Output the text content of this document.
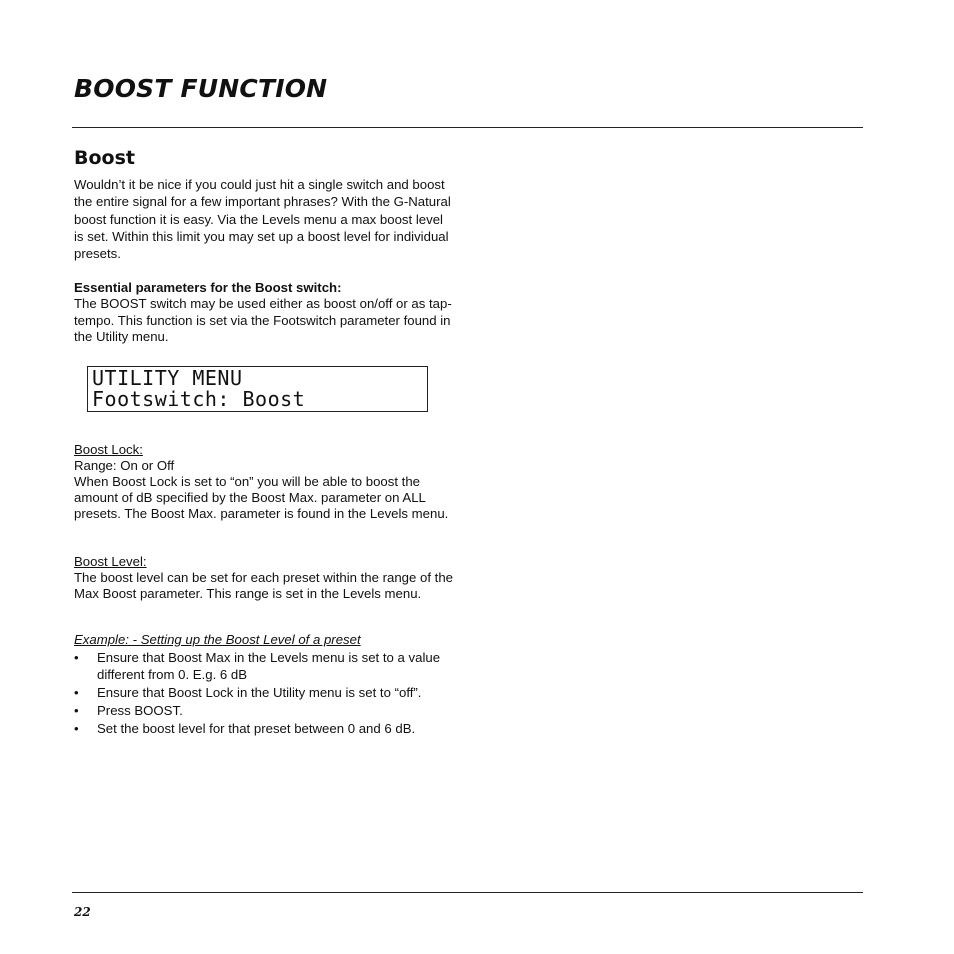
BOOST FUNCTION
Boost

Wouldn’t it be nice if you could just hit a single switch and boost the entire signal for a few important phrases? With the G-Natural boost function it is easy. Via the Levels menu a max boost level is set. Within this limit you may set up a boost level for individual presets.

Essential parameters for the Boost switch:
The BOOST switch may be used either as boost on/off or as tap-tempo. This function is set via the Footswitch parameter found in the Utility menu.

UTILITY MENU
Footswitch: Boost
Boost Lock:
Range: On or Off
When Boost Lock is set to “on” you will be able to boost the amount of dB specified by the Boost Max. parameter on ALL presets. The Boost Max. parameter is found in the Levels menu.
Boost Level:
The boost level can be set for each preset within the range of the Max Boost parameter. This range is set in the Levels menu.

Example: - Setting up the Boost Level of a preset

• Ensure that Boost Max in the Levels menu is set to a value different from 0. E.g. 6 dB
• Ensure that Boost Lock in the Utility menu is set to “off”.
• Press BOOST.
• Set the boost level for that preset between 0 and 6 dB.
22
